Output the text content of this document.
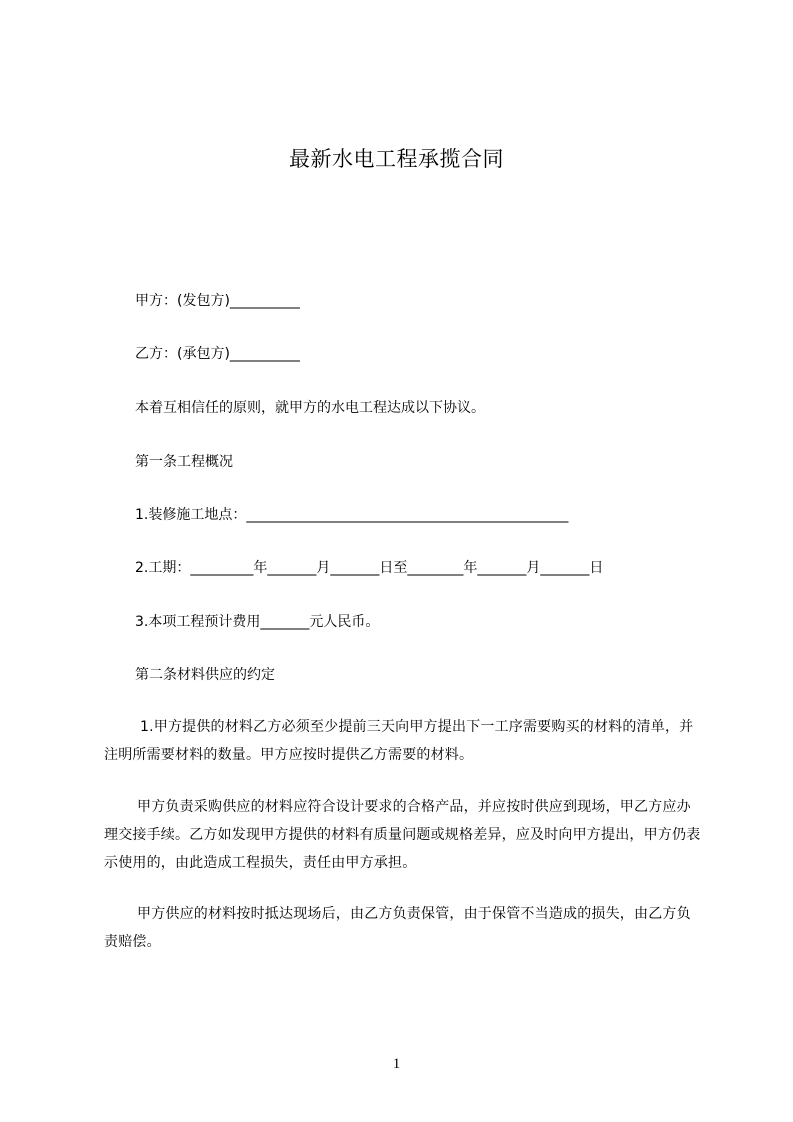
最新水电工程承揽合同
甲方：(发包方)__________
乙方：(承包方)__________
本着互相信任的原则，就甲方的水电工程达成以下协议。
第一条工程概况
1.装修施工地点：______________________________________________
2.工期：_________年_______月_______日至________年_______月_______日
3.本项工程预计费用_______元人民币。
第二条材料供应的约定
1.甲方提供的材料乙方必须至少提前三天向甲方提出下一工序需要购买的材料的清单，并注明所需要材料的数量。甲方应按时提供乙方需要的材料。
甲方负责采购供应的材料应符合设计要求的合格产品，并应按时供应到现场，甲乙方应办理交接手续。乙方如发现甲方提供的材料有质量问题或规格差异，应及时向甲方提出，甲方仍表示使用的，由此造成工程损失，责任由甲方承担。
甲方供应的材料按时抵达现场后，由乙方负责保管，由于保管不当造成的损失，由乙方负责赔偿。
1
